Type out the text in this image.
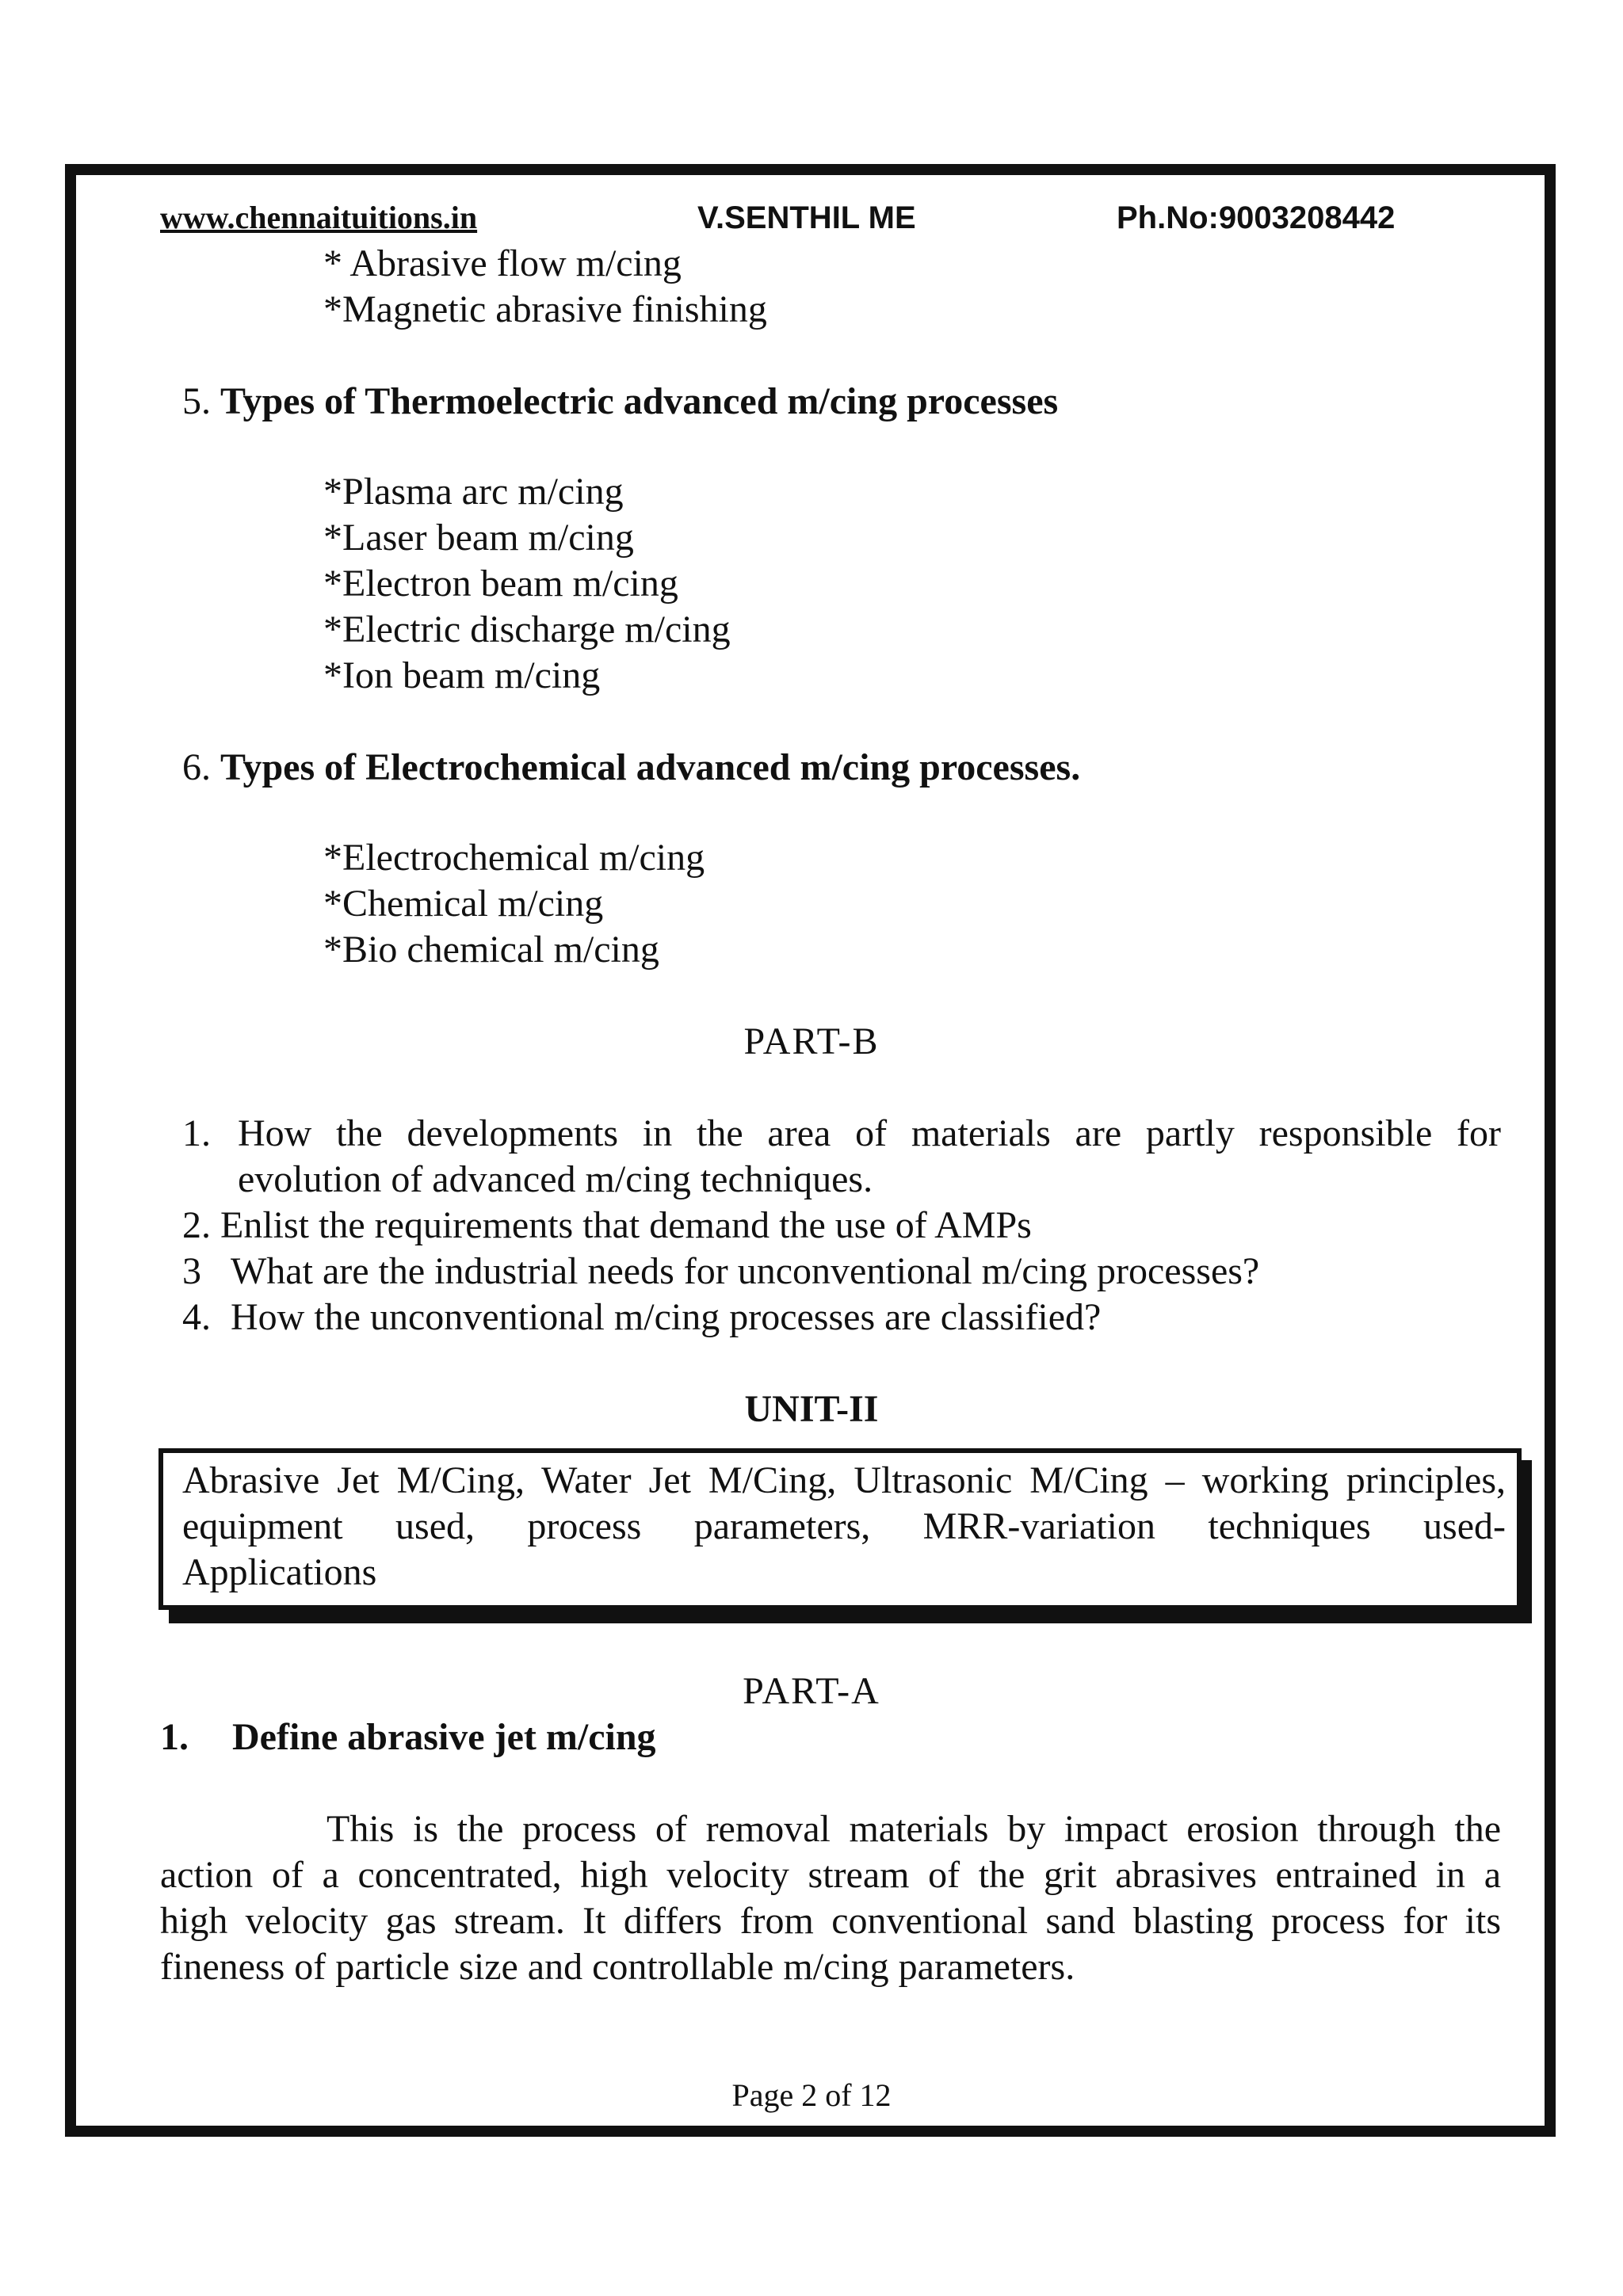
www.chennaituitions.in	V.SENTHIL ME	Ph.No:9003208442
* Abrasive flow m/cing
*Magnetic abrasive finishing
5. Types of Thermoelectric advanced m/cing processes
*Plasma arc m/cing
*Laser beam m/cing
*Electron beam m/cing
*Electric discharge m/cing
*Ion beam m/cing
6. Types of Electrochemical advanced m/cing processes.
*Electrochemical m/cing
*Chemical m/cing
*Bio chemical m/cing
PART-B
1. How the developments in the area of materials are partly responsible for
evolution of advanced m/cing techniques.
2. Enlist the requirements that demand the use of AMPs
3 What are the industrial needs for unconventional m/cing processes?
4. How the unconventional m/cing processes are classified?
UNIT-II
Abrasive Jet M/Cing, Water Jet M/Cing, Ultrasonic M/Cing – working principles,
equipment used, process parameters, MRR-variation techniques used-
Applications
PART-A
1. Define abrasive jet m/cing
This is the process of removal materials by impact erosion through the
action of a concentrated, high velocity stream of the grit abrasives entrained in a
high velocity gas stream. It differs from conventional sand blasting process for its
fineness of particle size and controllable m/cing parameters.
Page 2 of 12
